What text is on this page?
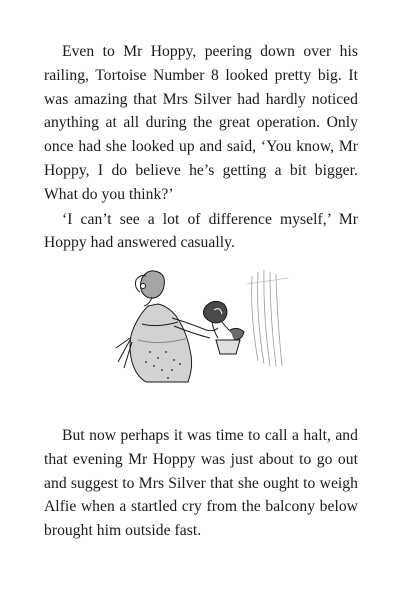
Even to Mr Hoppy, peering down over his railing, Tortoise Number 8 looked pretty big. It was amazing that Mrs Silver had hardly noticed anything at all during the great operation. Only once had she looked up and said, ‘You know, Mr Hoppy, I do believe he’s getting a bit bigger. What do you think?’

‘I can’t see a lot of difference myself,’ Mr Hoppy had answered casually.

But now perhaps it was time to call a halt, and that evening Mr Hoppy was just about to go out and suggest to Mrs Silver that she ought to weigh Alfie when a startled cry from the balcony below brought him outside fast.
